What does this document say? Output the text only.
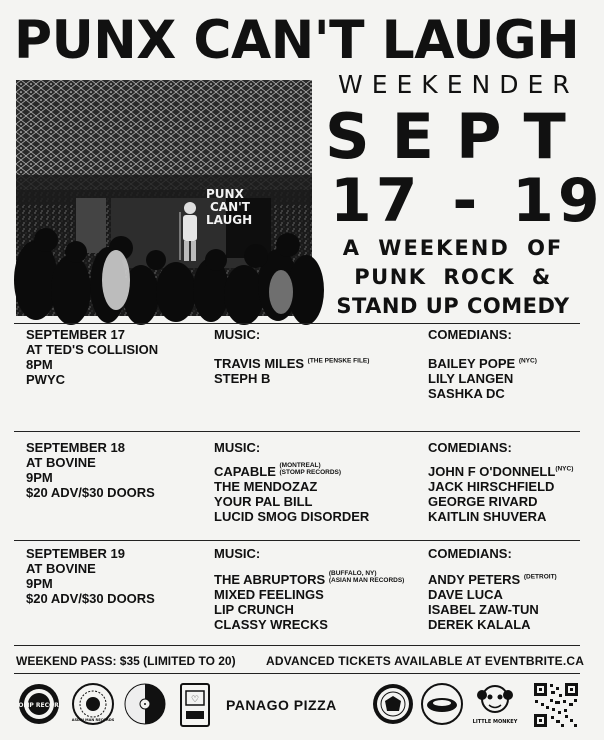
PUNX CAN'T LAUGH
WEEKENDER
PUNX
CAN'T
LAUGH
SEPT
17 - 19
A WEEKEND OF
PUNK ROCK &
STAND UP COMEDY
SEPTEMBER 17
AT TED'S COLLISION
8PM
PWYC
MUSIC:
TRAVIS MILES $^{(THE PENSKE FILE)}$
STEPH B
COMEDIANS:
BAILEY POPE $^{(NYC)}$
LILY LANGEN
SASHKA DC
SEPTEMBER 18
AT BOVINE
9PM
$20 ADV/$30 DOORS
MUSIC:
CAPABLE (MONTREAL)
(STOMP RECORDS)
THE MENDOZAZ
YOUR PAL BILL
LUCID SMOG DISORDER
COMEDIANS:
JOHN F $O'DONNELL^{(NYC)}$
JACK HIRSCHFIELD
GEORGE RIVARD
KAITLIN SHUVERA
SEPTEMBER 19
AT BOVINE
9PM
$20 ADV/$30 DOORS
MUSIC:
THE ABRUPTORS (BUFFALO, NY)
(ASIAN MAN RECORDS)
MIXED FEELINGS
LIP CRUNCH
CLASSY WRECKS
COMEDIANS:
ANDY PETERS $^{(DETROIT)}$
DAVE LUCA
ISABEL ZAW-TUN
DEREK KALALA
WEEKEND PASS: $35 (LIMITED TO 20)	ADVANCED TICKETS AVAILABLE AT EVENTBRITE.CA
STOMP RECORDS
ASIAN MAN RECORDS
♡ PANAGO PIZZA
LITTLE MONKEY
